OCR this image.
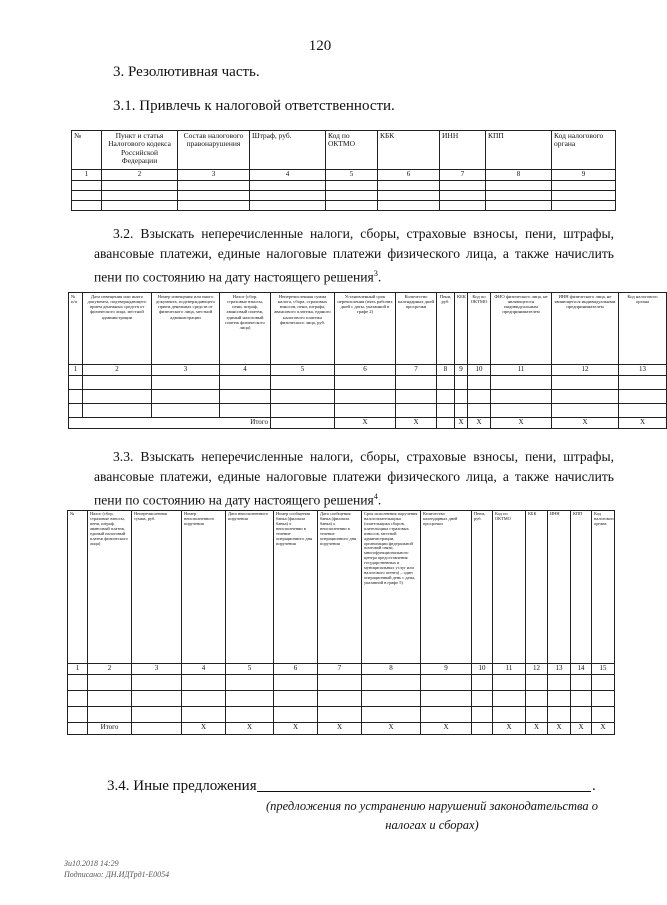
120
3. Резолютивная часть.
3.1. Привлечь к налоговой ответственности.
№	Пункт и статья Налогового кодекса Российской Федерации	Состав налогового правонарушения	Штраф, руб.	Код по ОКТМО	КБК	ИНН	КПП	Код налогового органа
1	2	3	4	5	6	7	8	9

3.2. Взыскать неперечисленные налоги, сборы, страховые взносы, пени, штрафы, авансовые платежи, единые налоговые платежи физического лица, а также начислить пени по состоянию на дату настоящего решения$^3$.
№ п/п	Дата извещения или иного документа, подтверждающего прием денежных средств от физического лица, местной администрации	Номер извещения или иного документа, подтверждающего прием денежных средств от физического лица, местной администрации	Налог (сбор, страховые взносы, пени, штраф, авансовый платеж, единый налоговый платеж физического лица)	Неперечисленная сумма налога, сбора, страховых взносов, пени, штрафа, авансового платежа, единого налогового платежа физического лица, руб.	Установленный срок перечисления (пять рабочих дней с даты, указанной в графе 2)	Количество календарных дней просрочки	Пени, руб.	КБК	Код по ОКТМО	ФИО физического лица, не являющегося индивидуальным предпринимателем	ИНН физического лица, не являющегося индивидуальным предпринимателем	Код налогового органа
1	2	3	4	5	6	7	8	9	10	11	12	13

Итого					Х	Х		Х	Х	Х	Х	Х
3.3. Взыскать неперечисленные налоги, сборы, страховые взносы, пени, штрафы, авансовые платежи, единые налоговые платежи физического лица, а также начислить пени по состоянию на дату настоящего решения$^4$.
№	Налог (сбор, страховые взносы, пени, штраф, авансовый платеж, единый налоговый платеж физического лица)	Неперечисленная сумма, руб.	Номер неисполненного поручения	Дата неисполненного поручения	Номер сообщения банка (филиала банка) о неисполнении в течение операционного дня поручения	Дата сообщения банка (филиала банка) о неисполнении в течение операционного дня поручения	Срок исполнения поручения налогоплательщика (плательщика сборов, плательщика страховых взносов, местной администрации, организации федеральной почтовой связи, многофункционального центра предоставления государственных и муниципальных услуг или налогового агента) – один операционный день с даты, указанной в графе 5)	Количество календарных дней просрочки	Пени, руб.	Код по ОКТМО	КБК	ИНН	КПП	Код налогового органа
1	2	3	4	5	6	7	8	9	10	11	12	13	14	15

	Итого		Х	Х	Х	Х	Х	Х		Х	Х	Х	Х	Х
3.4. Иные предложения	.
(предложения по устранению нарушений законодательства о налогах и сборах)
Зи10.2018 14:29
Подписано: ДН.ИДТрд1-Е0054
